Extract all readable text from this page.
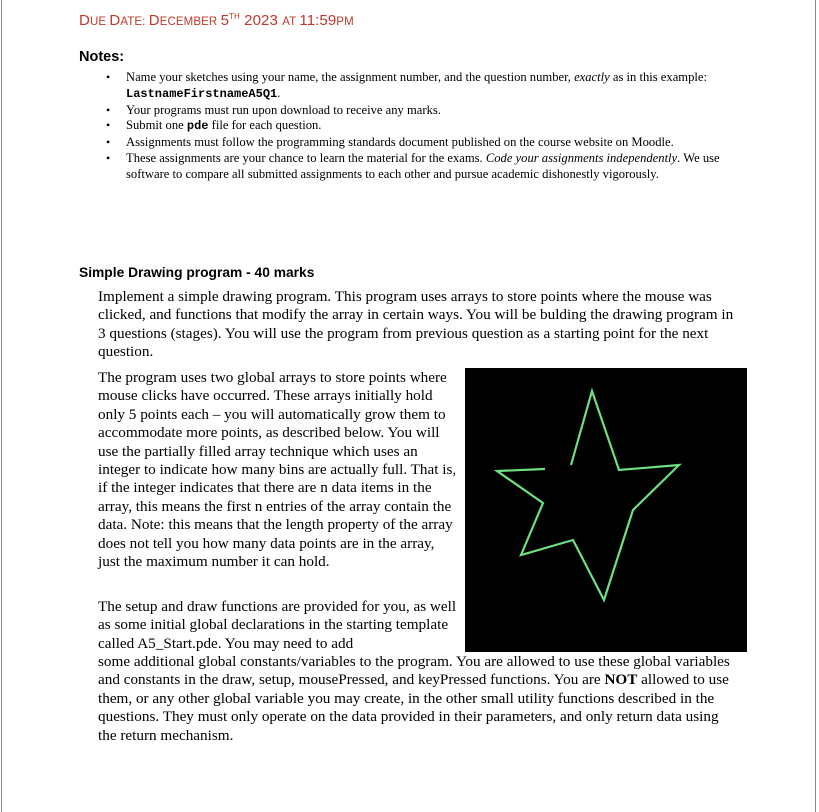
DUE DATE: DECEMBER 5TH 2023 AT 11:59PM
Notes:
• Name your sketches using your name, the assignment number, and the question number, exactly as in this example: LastnameFirstnameA5Q1.
• Your programs must run upon download to receive any marks.
• Submit one pde file for each question.
• Assignments must follow the programming standards document published on the course website on Moodle.
• These assignments are your chance to learn the material for the exams. Code your assignments independently. We use software to compare all submitted assignments to each other and pursue academic dishonestly vigorously.
Simple Drawing program - 40 marks
Implement a simple drawing program. This program uses arrays to store points where the mouse was clicked, and functions that modify the array in certain ways. You will be bulding the drawing program in 3 questions (stages). You will use the program from previous question as a starting point for the next question.
The program uses two global arrays to store points where mouse clicks have occurred. These arrays initially hold only 5 points each – you will automatically grow them to accommodate more points, as described below. You will use the partially filled array technique which uses an integer to indicate how many bins are actually full. That is, if the integer indicates that there are n data items in the array, this means the first n entries of the array contain the data. Note: this means that the length property of the array does not tell you how many data points are in the array, just the maximum number it can hold.
The setup and draw functions are provided for you, as well as some initial global declarations in the starting template called A5_Start.pde. You may need to add
some additional global constants/variables to the program. You are allowed to use these global variables and constants in the draw, setup, mousePressed, and keyPressed functions. You are NOT allowed to use them, or any other global variable you may create, in the other small utility functions described in the questions. They must only operate on the data provided in their parameters, and only return data using the return mechanism.
